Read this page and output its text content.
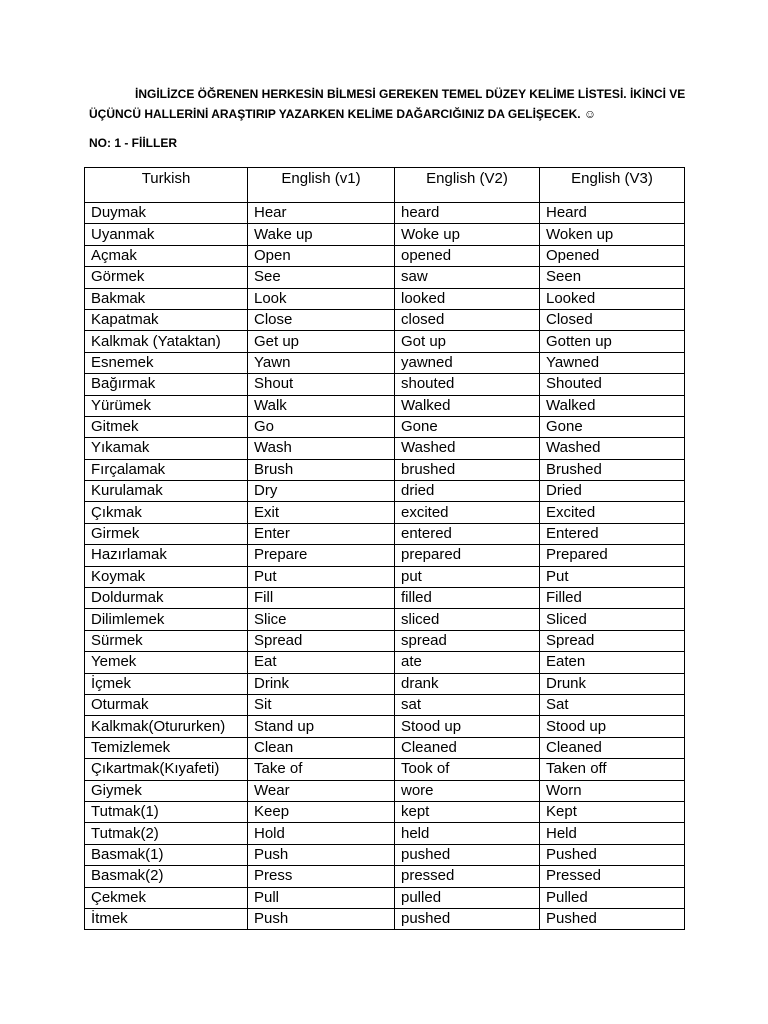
İNGİLİZCE ÖĞRENEN HERKESİN BİLMESİ GEREKEN TEMEL DÜZEY KELİME LİSTESİ. İKİNCİ VE ÜÇÜNCÜ HALLERİNİ ARAŞTIRIP YAZARKEN KELİME DAĞARCIĞINIZ DA GELİŞECEK. ☺

NO: 1 - FİİLLER

Turkish	English (v1)	English (V2)	English (V3)
Duymak	Hear	heard	Heard
Uyanmak	Wake up	Woke up	Woken up
Açmak	Open	opened	Opened
Görmek	See	saw	Seen
Bakmak	Look	looked	Looked
Kapatmak	Close	closed	Closed
Kalkmak (Yataktan)	Get up	Got up	Gotten up
Esnemek	Yawn	yawned	Yawned
Bağırmak	Shout	shouted	Shouted
Yürümek	Walk	Walked	Walked
Gitmek	Go	Gone	Gone
Yıkamak	Wash	Washed	Washed
Fırçalamak	Brush	brushed	Brushed
Kurulamak	Dry	dried	Dried
Çıkmak	Exit	excited	Excited
Girmek	Enter	entered	Entered
Hazırlamak	Prepare	prepared	Prepared
Koymak	Put	put	Put
Doldurmak	Fill	filled	Filled
Dilimlemek	Slice	sliced	Sliced
Sürmek	Spread	spread	Spread
Yemek	Eat	ate	Eaten
İçmek	Drink	drank	Drunk
Oturmak	Sit	sat	Sat
Kalkmak(Otururken)	Stand up	Stood up	Stood up
Temizlemek	Clean	Cleaned	Cleaned
Çıkartmak(Kıyafeti)	Take of	Took of	Taken off
Giymek	Wear	wore	Worn
Tutmak(1)	Keep	kept	Kept
Tutmak(2)	Hold	held	Held
Basmak(1)	Push	pushed	Pushed
Basmak(2)	Press	pressed	Pressed
Çekmek	Pull	pulled	Pulled
İtmek	Push	pushed	Pushed
